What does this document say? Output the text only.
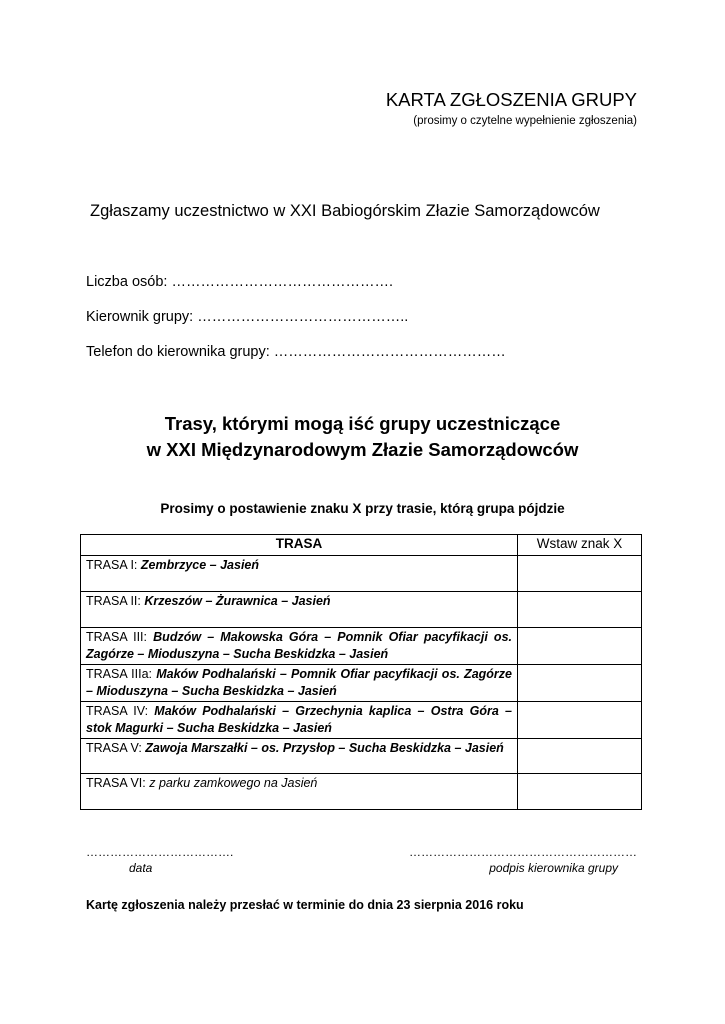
KARTA ZGŁOSZENIA GRUPY
(prosimy o czytelne wypełnienie zgłoszenia)
Zgłaszamy uczestnictwo w XXI Babiogórskim Złazie Samorządowców
Liczba osób: ……………………………………….
Kierownik grupy: ……………………………………..
Telefon do kierownika grupy: …………………………………………
Trasy, którymi mogą iść grupy uczestniczące
w XXI Międzynarodowym Złazie Samorządowców
Prosimy o postawienie znaku X przy trasie, którą grupa pójdzie
TRASA	Wstaw znak X
TRASA I: Zembrzyce – Jasień	
TRASA II: Krzeszów – Żurawnica – Jasień	
TRASA III: Budzów – Makowska Góra – Pomnik Ofiar pacyfikacji os. Zagórze – Mioduszyna – Sucha Beskidzka – Jasień	
TRASA IIIa: Maków Podhalański – Pomnik Ofiar pacyfikacji os. Zagórze – Mioduszyna – Sucha Beskidzka – Jasień	
TRASA IV: Maków Podhalański – Grzechynia kaplica – Ostra Góra – stok Magurki – Sucha Beskidzka – Jasień	
TRASA V: Zawoja Marszałki – os. Przysłop – Sucha Beskidzka – Jasień	
TRASA VI: z parku zamkowego na Jasień	
……………………………….
data
…………………………………………………
podpis kierownika grupy
Kartę zgłoszenia należy przesłać w terminie do dnia 23 sierpnia 2016 roku
